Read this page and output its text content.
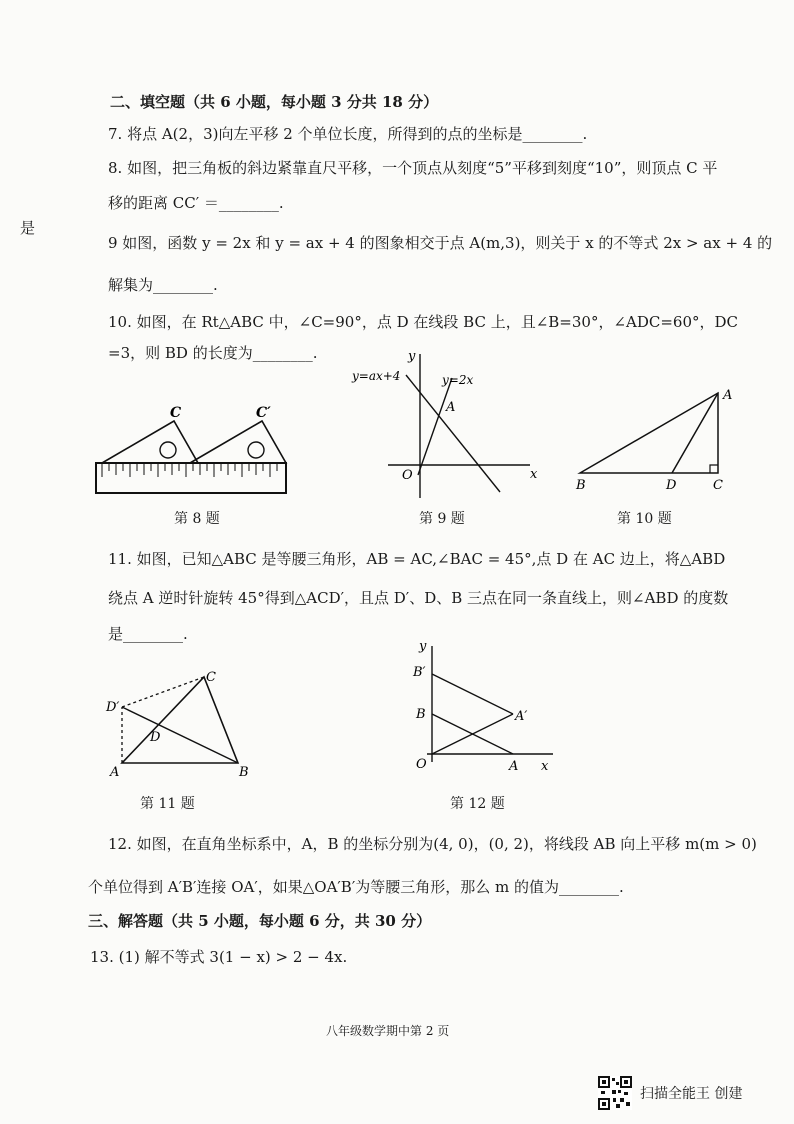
是
二、填空题（共 6 小题，每小题 3 分共 18 分）
7. 将点 A(2，3)向左平移 2 个单位长度，所得到的点的坐标是________.
8. 如图，把三角板的斜边紧靠直尺平移，一个顶点从刻度“5”平移到刻度“10”，则顶点 C 平
移的距离 CC′ ＝________.
9 如图，函数 y = 2x 和 y = ax + 4 的图象相交于点 A(m,3)，则关于 x 的不等式 2x > ax + 4 的
解集为________.
10. 如图，在 Rt△ABC 中，∠C=90°，点 D 在线段 BC 上，且∠B=30°，∠ADC=60°，DC
=3，则 BD 的长度为________.
C	C′
第 8 题
y
x
O
A
y=ax+4	y=2x
第 9 题
A
B	D	C
第 10 题
11. 如图，已知△ABC 是等腰三角形，AB = AC,∠BAC = 45°,点 D 在 AC 边上，将△ABD
绕点 A 逆时针旋转 45°得到△ACD′，且点 D′、D、B 三点在同一条直线上，则∠ABD 的度数
是________.
C
D′
D
A	B
第 11 题
y
B′
B	A′
O	A x
第 12 题
12. 如图，在直角坐标系中，A，B 的坐标分别为(4, 0)，(0, 2)，将线段 AB 向上平移 m(m > 0)
个单位得到 A′B′连接 OA′，如果△OA′B′为等腰三角形，那么 m 的值为________.
三、解答题（共 5 小题，每小题 6 分，共 30 分）
13. (1) 解不等式 3(1 − x) > 2 − 4x.
八年级数学期中第 2 页
扫描全能王 创建
